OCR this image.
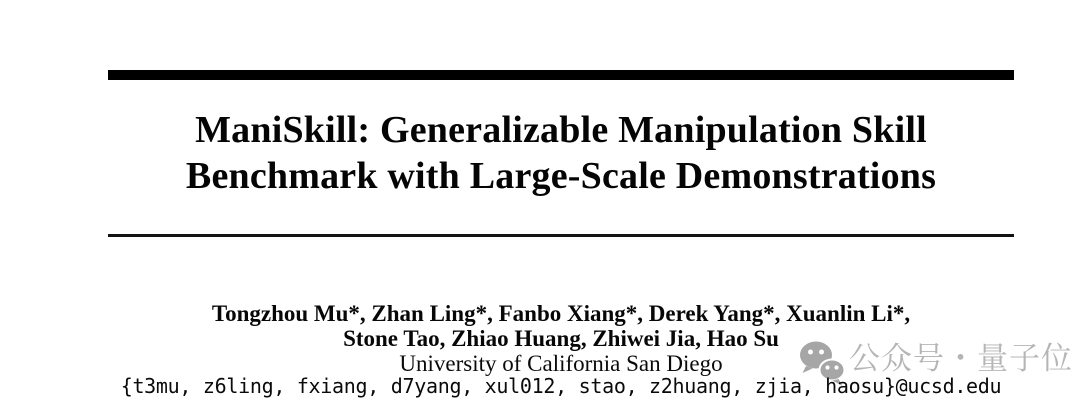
ManiSkill: Generalizable Manipulation Skill
Benchmark with Large-Scale Demonstrations
Tongzhou Mu*, Zhan Ling*, Fanbo Xiang*, Derek Yang*, Xuanlin Li*,
Stone Tao, Zhiao Huang, Zhiwei Jia, Hao Su
University of California San Diego
{t3mu, z6ling, fxiang, d7yang, xul012, stao, z2huang, zjia, haosu}@ucsd.edu
公众号・量子位
